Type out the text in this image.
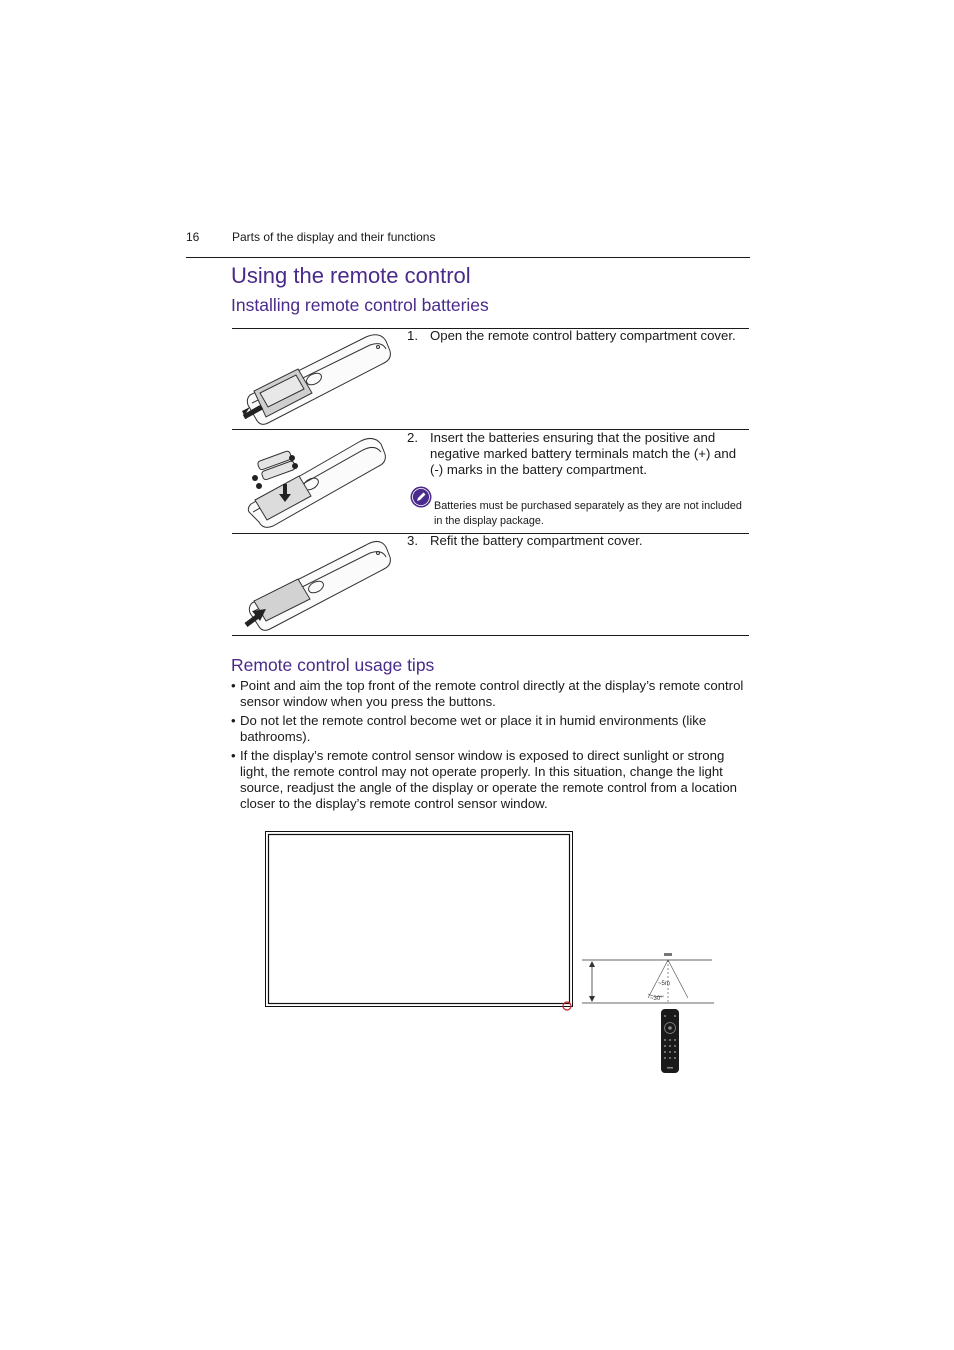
16	Parts of the display and their functions
Using the remote control
Installing remote control batteries
1. Open the remote control battery compartment cover.
2. Insert the batteries ensuring that the positive and negative marked battery terminals match the (+) and (-) marks in the battery compartment.
Batteries must be purchased separately as they are not included in the display package.
3. Refit the battery compartment cover.
Remote control usage tips
• Point and aim the top front of the remote control directly at the display’s remote control sensor window when you press the buttons.
• Do not let the remote control become wet or place it in humid environments (like bathrooms).
• If the display’s remote control sensor window is exposed to direct sunlight or strong light, the remote control may not operate properly. In this situation, change the light source, readjust the angle of the display or operate the remote control from a location closer to the display’s remote control sensor window.
~5m
~30°
